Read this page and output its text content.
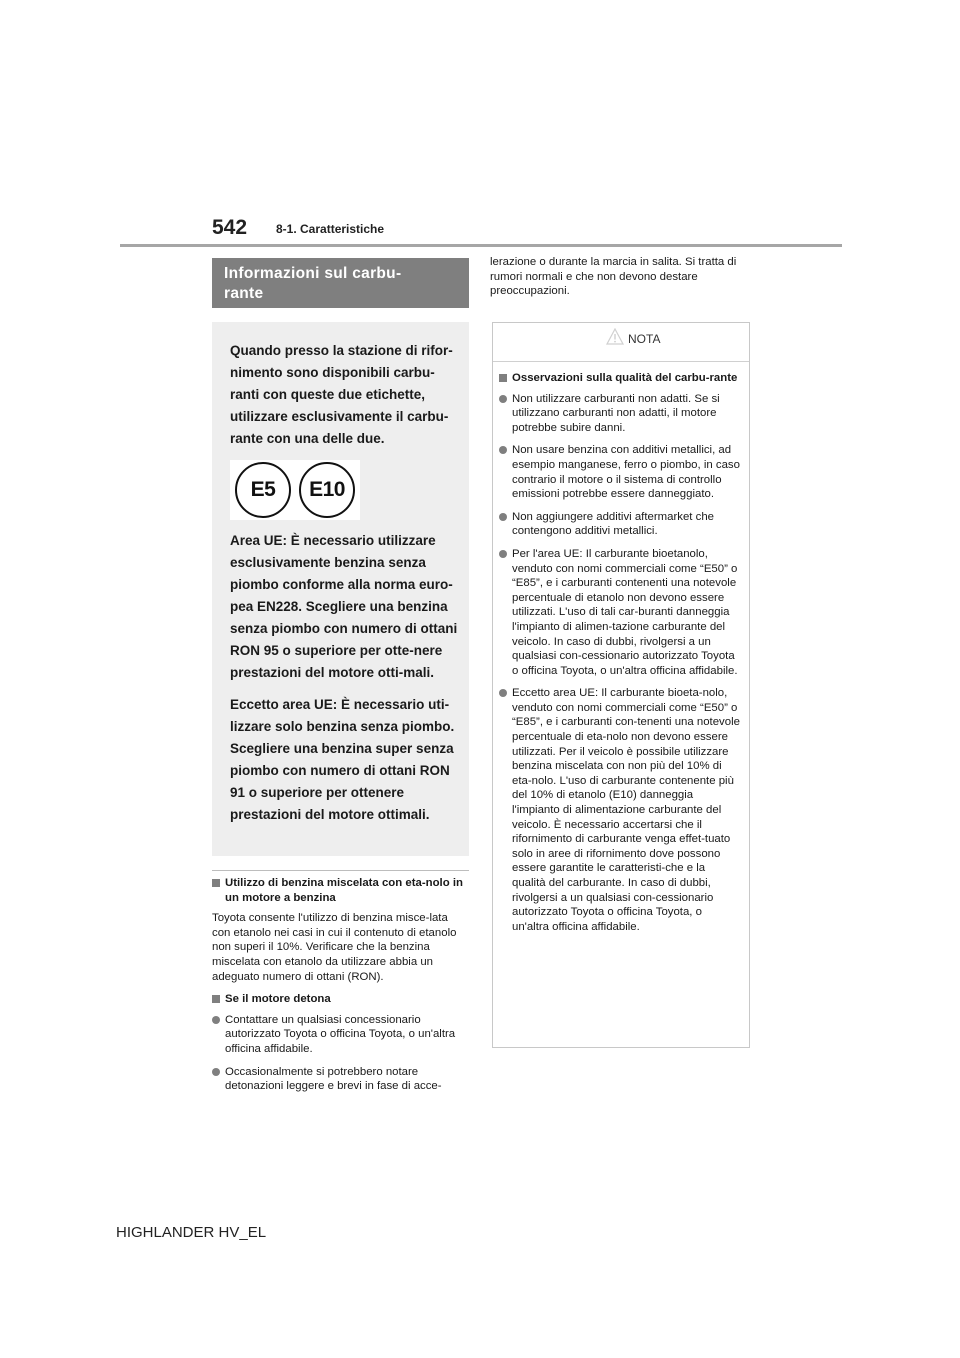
542 8-1. Caratteristiche
Informazioni sul carbu-
rante

Quando presso la stazione di rifor-nimento sono disponibili carbu-ranti con queste due etichette, utilizzare esclusivamente il carbu-rante con una delle due.

E5	E10

Area UE: È necessario utilizzare esclusivamente benzina senza piombo conforme alla norma euro-pea EN228. Scegliere una benzina senza piombo con numero di ottani RON 95 o superiore per otte-nere prestazioni del motore otti-mali.

Eccetto area UE: È necessario uti-lizzare solo benzina senza piombo. Scegliere una benzina super senza piombo con numero di ottani RON 91 o superiore per ottenere prestazioni del motore ottimali.

Utilizzo di benzina miscelata con eta-nolo in un motore a benzina

Toyota consente l'utilizzo di benzina misce-lata con etanolo nei casi in cui il contenuto di etanolo non superi il 10%. Verificare che la benzina miscelata con etanolo da utilizzare abbia un adeguato numero di ottani (RON).

Se il motore detona
Contattare un qualsiasi concessionario autorizzato Toyota o officina Toyota, o un'altra officina affidabile.
Occasionalmente si potrebbero notare detonazioni leggere e brevi in fase di acce-

lerazione o durante la marcia in salita. Si tratta di rumori normali e che non devono destare preoccupazioni.

NOTA
Osservazioni sulla qualità del carbu-rante
Non utilizzare carburanti non adatti. Se si utilizzano carburanti non adatti, il motore potrebbe subire danni.
Non usare benzina con additivi metallici, ad esempio manganese, ferro o piombo, in caso contrario il motore o il sistema di controllo emissioni potrebbe essere danneggiato.
Non aggiungere additivi aftermarket che contengono additivi metallici.
Per l'area UE: Il carburante bioetanolo, venduto con nomi commerciali come “E50” o “E85”, e i carburanti contenenti una notevole percentuale di etanolo non devono essere utilizzati. L'uso di tali car-buranti danneggia l'impianto di alimen-tazione carburante del veicolo. In caso di dubbi, rivolgersi a un qualsiasi con-cessionario autorizzato Toyota o officina Toyota, o un'altra officina affidabile.
Eccetto area UE: Il carburante bioeta-nolo, venduto con nomi commerciali come “E50” o “E85”, e i carburanti con-tenenti una notevole percentuale di eta-nolo non devono essere utilizzati. Per il veicolo è possibile utilizzare benzina miscelata con non più del 10% di eta-nolo. L'uso di carburante contenente più del 10% di etanolo (E10) danneggia l'impianto di alimentazione carburante del veicolo. È necessario accertarsi che il rifornimento di carburante venga effet-tuato solo in aree di rifornimento dove possono essere garantite le caratteristi-che e la qualità del carburante. In caso di dubbi, rivolgersi a un qualsiasi con-cessionario autorizzato Toyota o officina Toyota, o un'altra officina affidabile.
HIGHLANDER HV_EL
